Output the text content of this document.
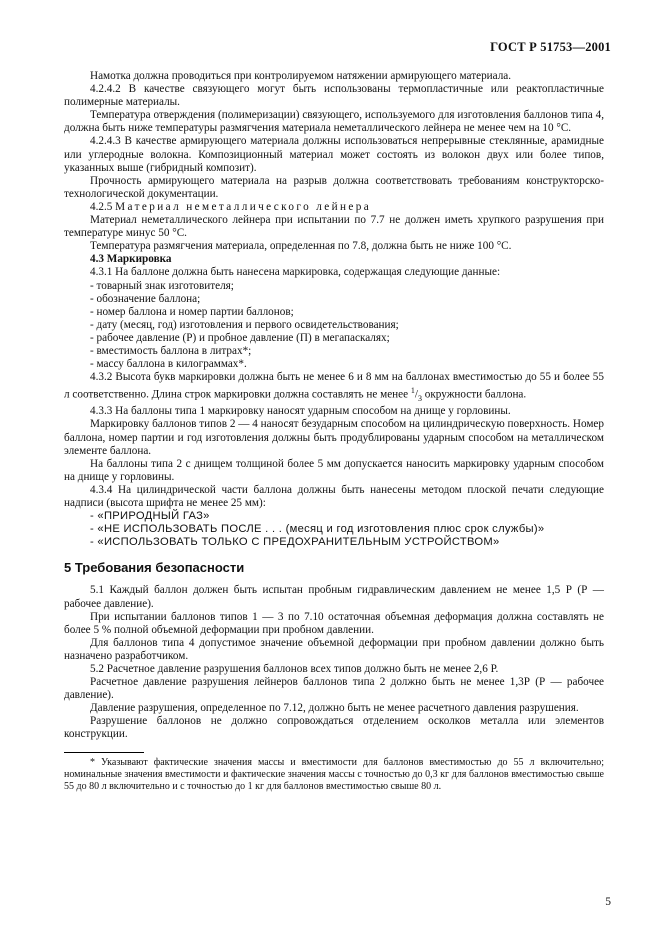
ГОСТ Р 51753—2001

Намотка должна проводиться при контролируемом натяжении армирующего материала.

4.2.4.2 В качестве связующего могут быть использованы термопластичные или реактопластичные полимерные материалы.

Температура отверждения (полимеризации) связующего, используемого для изготовления баллонов типа 4, должна быть ниже температуры размягчения материала неметаллического лейнера не менее чем на 10 °С.

4.2.4.3 В качестве армирующего материала должны использоваться непрерывные стеклянные, арамидные или углеродные волокна. Композиционный материал может состоять из волокон двух или более типов, указанных выше (гибридный композит).

Прочность армирующего материала на разрыв должна соответствовать требованиям конструкторско-технологической документации.

4.2.5 Материал неметаллического лейнера

Материал неметаллического лейнера при испытании по 7.7 не должен иметь хрупкого разрушения при температуре минус 50 °С.

Температура размягчения материала, определенная по 7.8, должна быть не ниже 100 °С.

4.3 Маркировка

4.3.1 На баллоне должна быть нанесена маркировка, содержащая следующие данные:

- товарный знак изготовителя;

- обозначение баллона;

- номер баллона и номер партии баллонов;

- дату (месяц, год) изготовления и первого освидетельствования;

- рабочее давление (Р) и пробное давление (П) в мегапаскалях;

- вместимость баллона в литрах*;

- массу баллона в килограммах*.

4.3.2 Высота букв маркировки должна быть не менее 6 и 8 мм на баллонах вместимостью до 55 и более 55 л соответственно. Длина строк маркировки должна составлять не менее $^1/_3$ окружности баллона.

4.3.3 На баллоны типа 1 маркировку наносят ударным способом на днище у горловины.

Маркировку баллонов типов 2 — 4 наносят безударным способом на цилиндрическую поверхность. Номер баллона, номер партии и год изготовления должны быть продублированы ударным способом на металлическом элементе баллона.

На баллоны типа 2 с днищем толщиной более 5 мм допускается наносить маркировку ударным способом на днище у горловины.

4.3.4 На цилиндрической части баллона должны быть нанесены методом плоской печати следующие надписи (высота шрифта не менее 25 мм):

- «ПРИРОДНЫЙ ГАЗ»

- «НЕ ИСПОЛЬЗОВАТЬ ПОСЛЕ . . . (месяц и год изготовления плюс срок службы)»

- «ИСПОЛЬЗОВАТЬ ТОЛЬКО С ПРЕДОХРАНИТЕЛЬНЫМ УСТРОЙСТВОМ»

5 Требования безопасности

5.1 Каждый баллон должен быть испытан пробным гидравлическим давлением не менее 1,5 Р (Р — рабочее давление).

При испытании баллонов типов 1 — 3 по 7.10 остаточная объемная деформация должна составлять не более 5 % полной объемной деформации при пробном давлении.

Для баллонов типа 4 допустимое значение объемной деформации при пробном давлении должно быть назначено разработчиком.

5.2 Расчетное давление разрушения баллонов всех типов должно быть не менее 2,6 Р.

Расчетное давление разрушения лейнеров баллонов типа 2 должно быть не менее 1,3Р (Р — рабочее давление).

Давление разрушения, определенное по 7.12, должно быть не менее расчетного давления разрушения.

Разрушение баллонов не должно сопровождаться отделением осколков металла или элементов конструкции.

* Указывают фактические значения массы и вместимости для баллонов вместимостью до 55 л включительно; номинальные значения вместимости и фактические значения массы с точностью до 0,3 кг для баллонов вместимостью свыше 55 до 80 л включительно и с точностью до 1 кг для баллонов вместимостью свыше 80 л.

5
